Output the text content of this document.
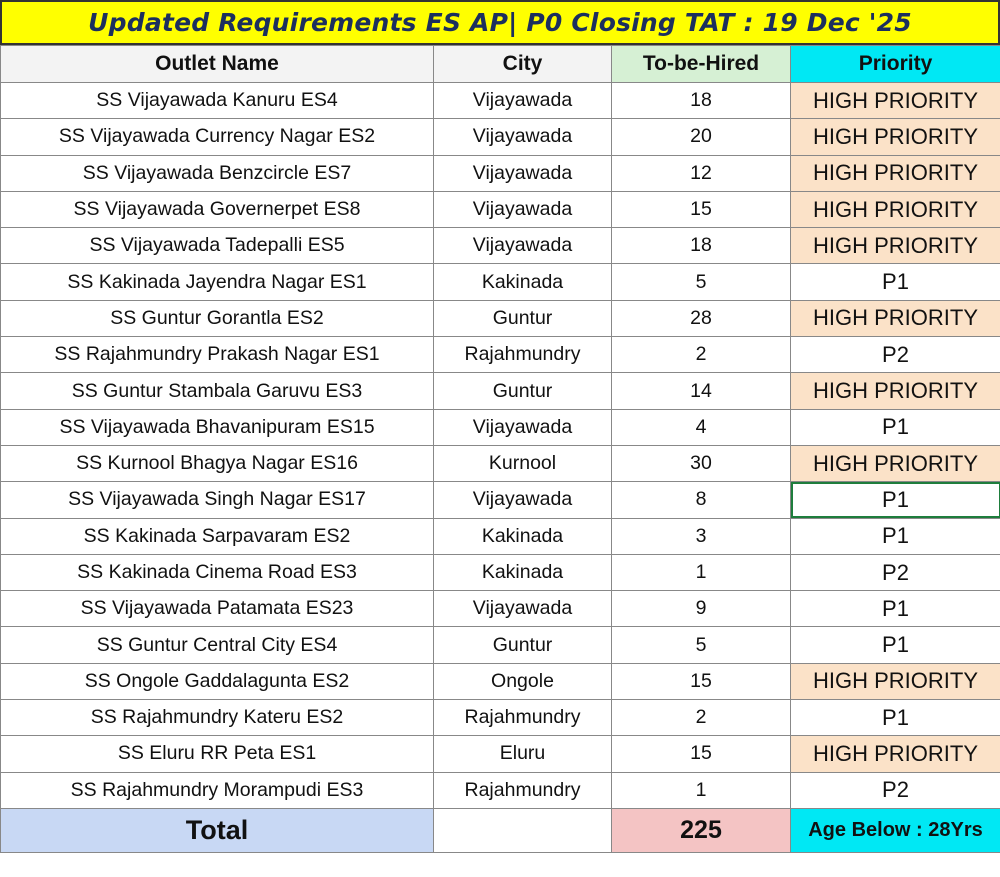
Updated Requirements ES AP| P0 Closing TAT : 19 Dec '25
Outlet Name	City	To-be-Hired	Priority
SS Vijayawada Kanuru ES4	Vijayawada	18	HIGH PRIORITY
SS Vijayawada Currency Nagar ES2	Vijayawada	20	HIGH PRIORITY
SS Vijayawada Benzcircle ES7	Vijayawada	12	HIGH PRIORITY
SS Vijayawada Governerpet ES8	Vijayawada	15	HIGH PRIORITY
SS Vijayawada Tadepalli ES5	Vijayawada	18	HIGH PRIORITY
SS Kakinada Jayendra Nagar ES1	Kakinada	5	P1
SS Guntur Gorantla ES2	Guntur	28	HIGH PRIORITY
SS Rajahmundry Prakash Nagar ES1	Rajahmundry	2	P2
SS Guntur Stambala Garuvu ES3	Guntur	14	HIGH PRIORITY
SS Vijayawada Bhavanipuram ES15	Vijayawada	4	P1
SS Kurnool Bhagya Nagar ES16	Kurnool	30	HIGH PRIORITY
SS Vijayawada Singh Nagar ES17	Vijayawada	8	P1
SS Kakinada Sarpavaram ES2	Kakinada	3	P1
SS Kakinada Cinema Road ES3	Kakinada	1	P2
SS Vijayawada Patamata ES23	Vijayawada	9	P1
SS Guntur Central City ES4	Guntur	5	P1
SS Ongole Gaddalagunta ES2	Ongole	15	HIGH PRIORITY
SS Rajahmundry Kateru ES2	Rajahmundry	2	P1
SS Eluru RR Peta ES1	Eluru	15	HIGH PRIORITY
SS Rajahmundry Morampudi ES3	Rajahmundry	1	P2
Total		225	Age Below : 28Yrs
